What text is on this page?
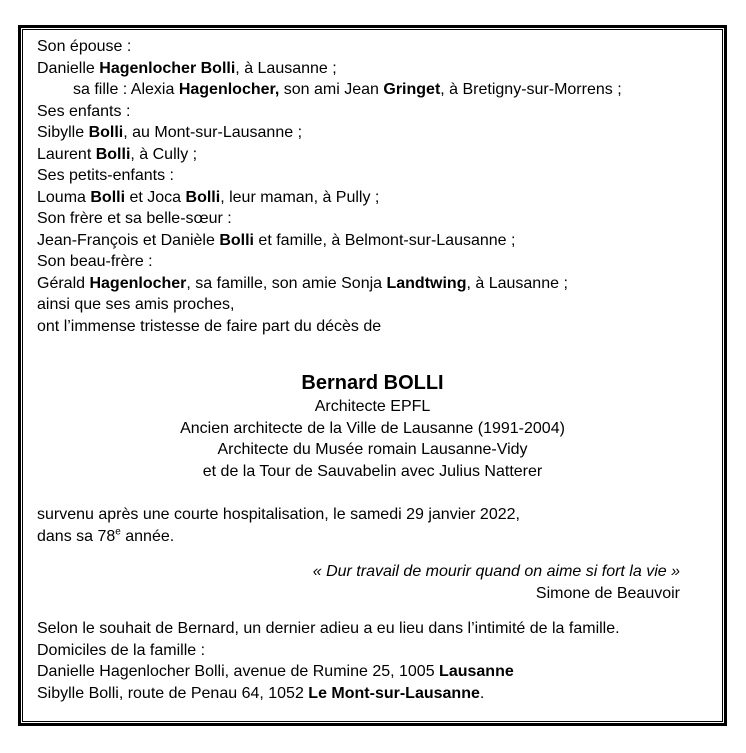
Son épouse :
Danielle Hagenlocher Bolli, à Lausanne ;
sa fille : Alexia Hagenlocher, son ami Jean Gringet, à Bretigny-sur-Morrens ;
Ses enfants :
Sibylle Bolli, au Mont-sur-Lausanne ;
Laurent Bolli, à Cully ;
Ses petits-enfants :
Louma Bolli et Joca Bolli, leur maman, à Pully ;
Son frère et sa belle-sœur :
Jean-François et Danièle Bolli et famille, à Belmont-sur-Lausanne ;
Son beau-frère :
Gérald Hagenlocher, sa famille, son amie Sonja Landtwing, à Lausanne ;
ainsi que ses amis proches,
ont l’immense tristesse de faire part du décès de
Bernard BOLLI
Architecte EPFL
Ancien architecte de la Ville de Lausanne (1991-2004)
Architecte du Musée romain Lausanne-Vidy
et de la Tour de Sauvabelin avec Julius Natterer
survenu après une courte hospitalisation, le samedi 29 janvier 2022,
dans sa 78e année.
« Dur travail de mourir quand on aime si fort la vie »
Simone de Beauvoir
Selon le souhait de Bernard, un dernier adieu a eu lieu dans l’intimité de la famille.
Domiciles de la famille :
Danielle Hagenlocher Bolli, avenue de Rumine 25, 1005 Lausanne
Sibylle Bolli, route de Penau 64, 1052 Le Mont-sur-Lausanne.
